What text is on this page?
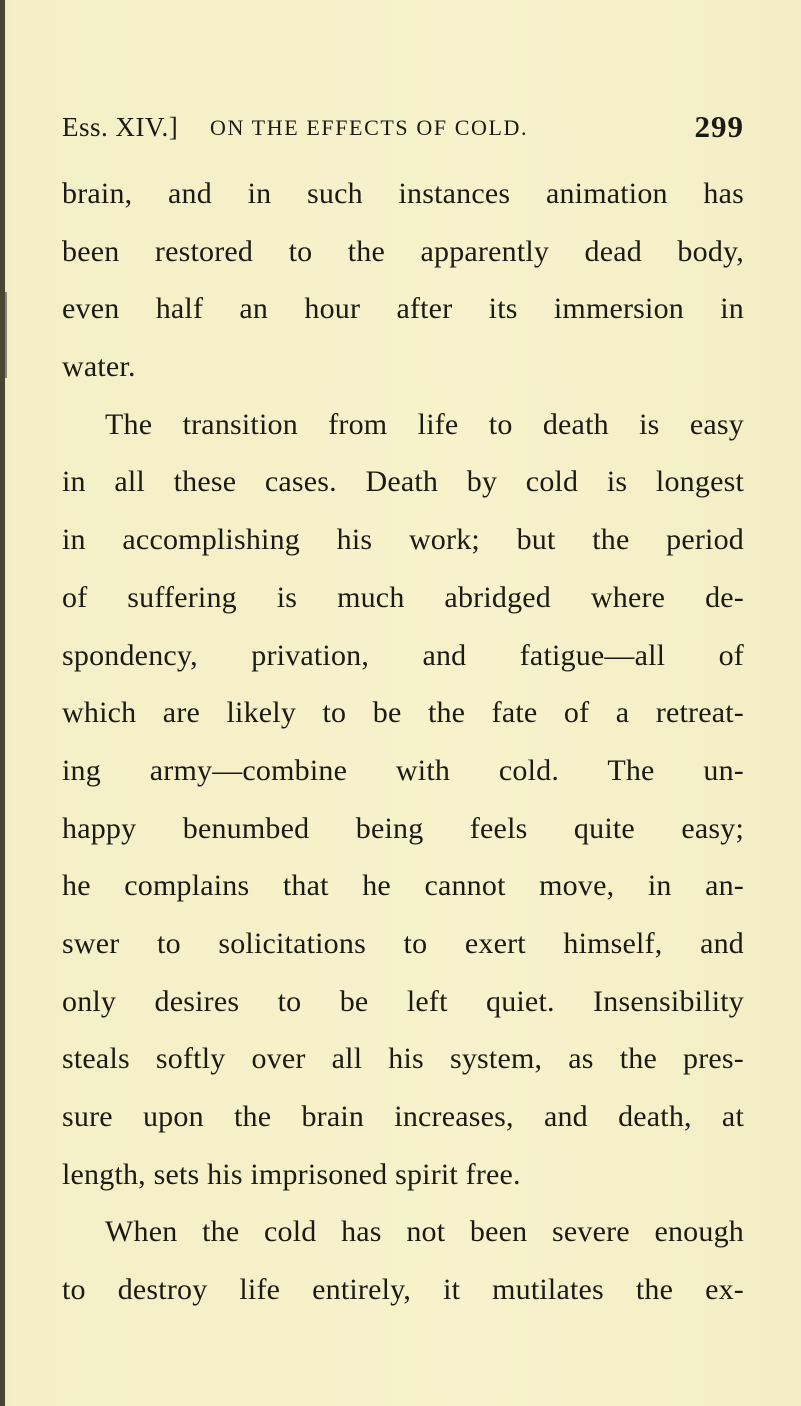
Ess. XIV.] ON THE EFFECTS OF COLD.	299
brain, and in such instances animation has
been restored to the apparently dead body,
even half an hour after its immersion in
water.
The transition from life to death is easy
in all these cases. Death by cold is longest
in accomplishing his work; but the period
of suffering is much abridged where de-
spondency, privation, and fatigue—all of
which are likely to be the fate of a retreat-
ing army—combine with cold. The un-
happy benumbed being feels quite easy;
he complains that he cannot move, in an-
swer to solicitations to exert himself, and
only desires to be left quiet. Insensibility
steals softly over all his system, as the pres-
sure upon the brain increases, and death, at
length, sets his imprisoned spirit free.
When the cold has not been severe enough
to destroy life entirely, it mutilates the ex-
